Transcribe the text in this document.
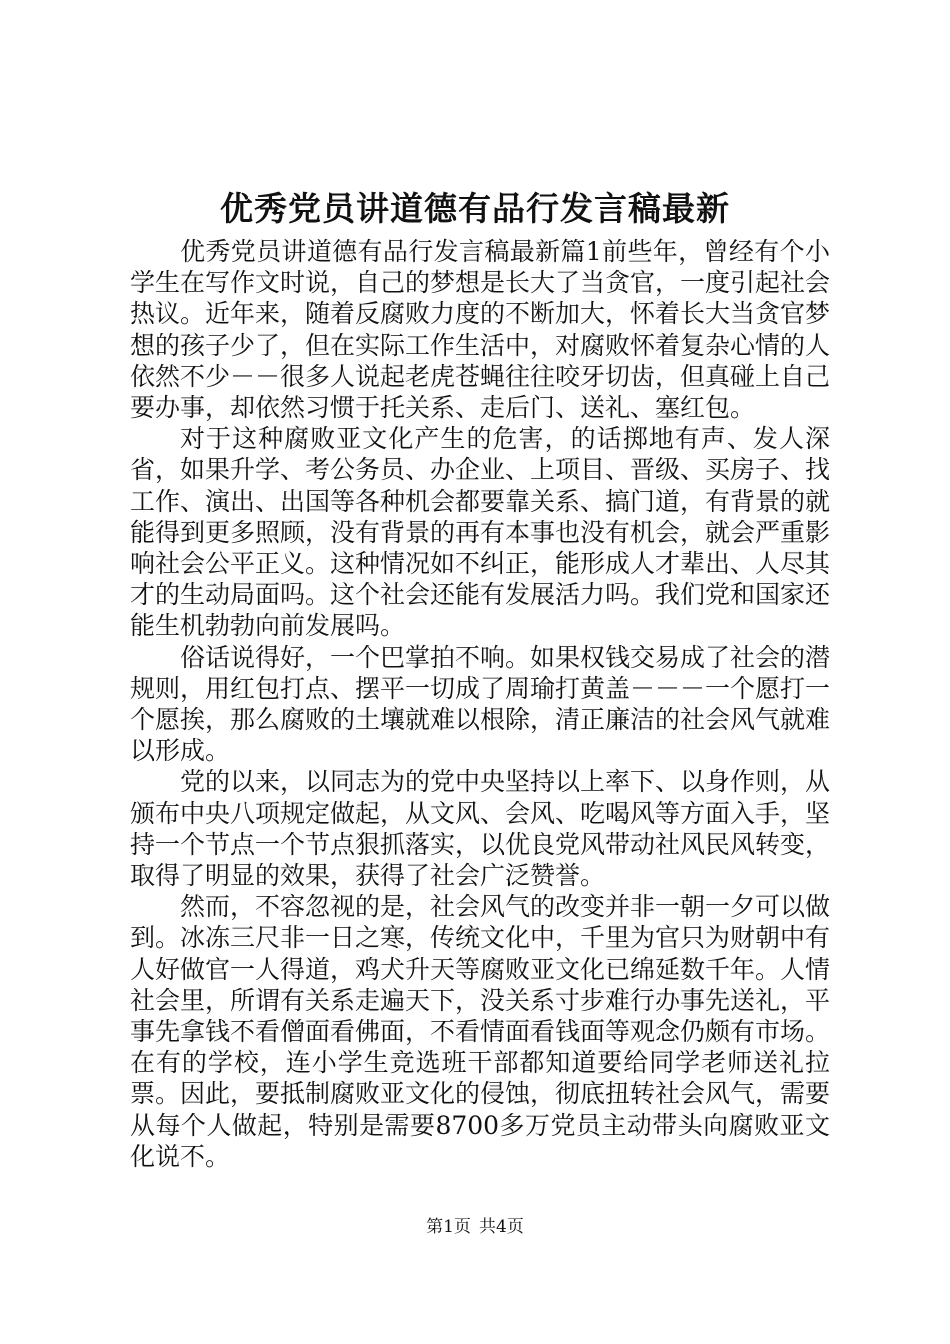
优秀党员讲道德有品行发言稿最新

优秀党员讲道德有品行发言稿最新篇1前些年，曾经有个小学生在写作文时说，自己的梦想是长大了当贪官，一度引起社会热议。近年来，随着反腐败力度的不断加大，怀着长大当贪官梦想的孩子少了，但在实际工作生活中，对腐败怀着复杂心情的人依然不少－－很多人说起老虎苍蝇往往咬牙切齿，但真碰上自己要办事，却依然习惯于托关系、走后门、送礼、塞红包。

对于这种腐败亚文化产生的危害，的话掷地有声、发人深省，如果升学、考公务员、办企业、上项目、晋级、买房子、找工作、演出、出国等各种机会都要靠关系、搞门道，有背景的就能得到更多照顾，没有背景的再有本事也没有机会，就会严重影响社会公平正义。这种情况如不纠正，能形成人才辈出、人尽其才的生动局面吗。这个社会还能有发展活力吗。我们党和国家还能生机勃勃向前发展吗。

俗话说得好，一个巴掌拍不响。如果权钱交易成了社会的潜规则，用红包打点、摆平一切成了周瑜打黄盖－－－一个愿打一个愿挨，那么腐败的土壤就难以根除，清正廉洁的社会风气就难以形成。

党的以来，以同志为的党中央坚持以上率下、以身作则，从颁布中央八项规定做起，从文风、会风、吃喝风等方面入手，坚持一个节点一个节点狠抓落实，以优良党风带动社风民风转变，取得了明显的效果，获得了社会广泛赞誉。

然而，不容忽视的是，社会风气的改变并非一朝一夕可以做到。冰冻三尺非一日之寒，传统文化中，千里为官只为财朝中有人好做官一人得道，鸡犬升天等腐败亚文化已绵延数千年。人情社会里，所谓有关系走遍天下，没关系寸步难行办事先送礼，平事先拿钱不看僧面看佛面，不看情面看钱面等观念仍颇有市场。在有的学校，连小学生竞选班干部都知道要给同学老师送礼拉票。因此，要抵制腐败亚文化的侵蚀，彻底扭转社会风气，需要从每个人做起，特别是需要8700多万党员主动带头向腐败亚文化说不。

第1页 共4页
